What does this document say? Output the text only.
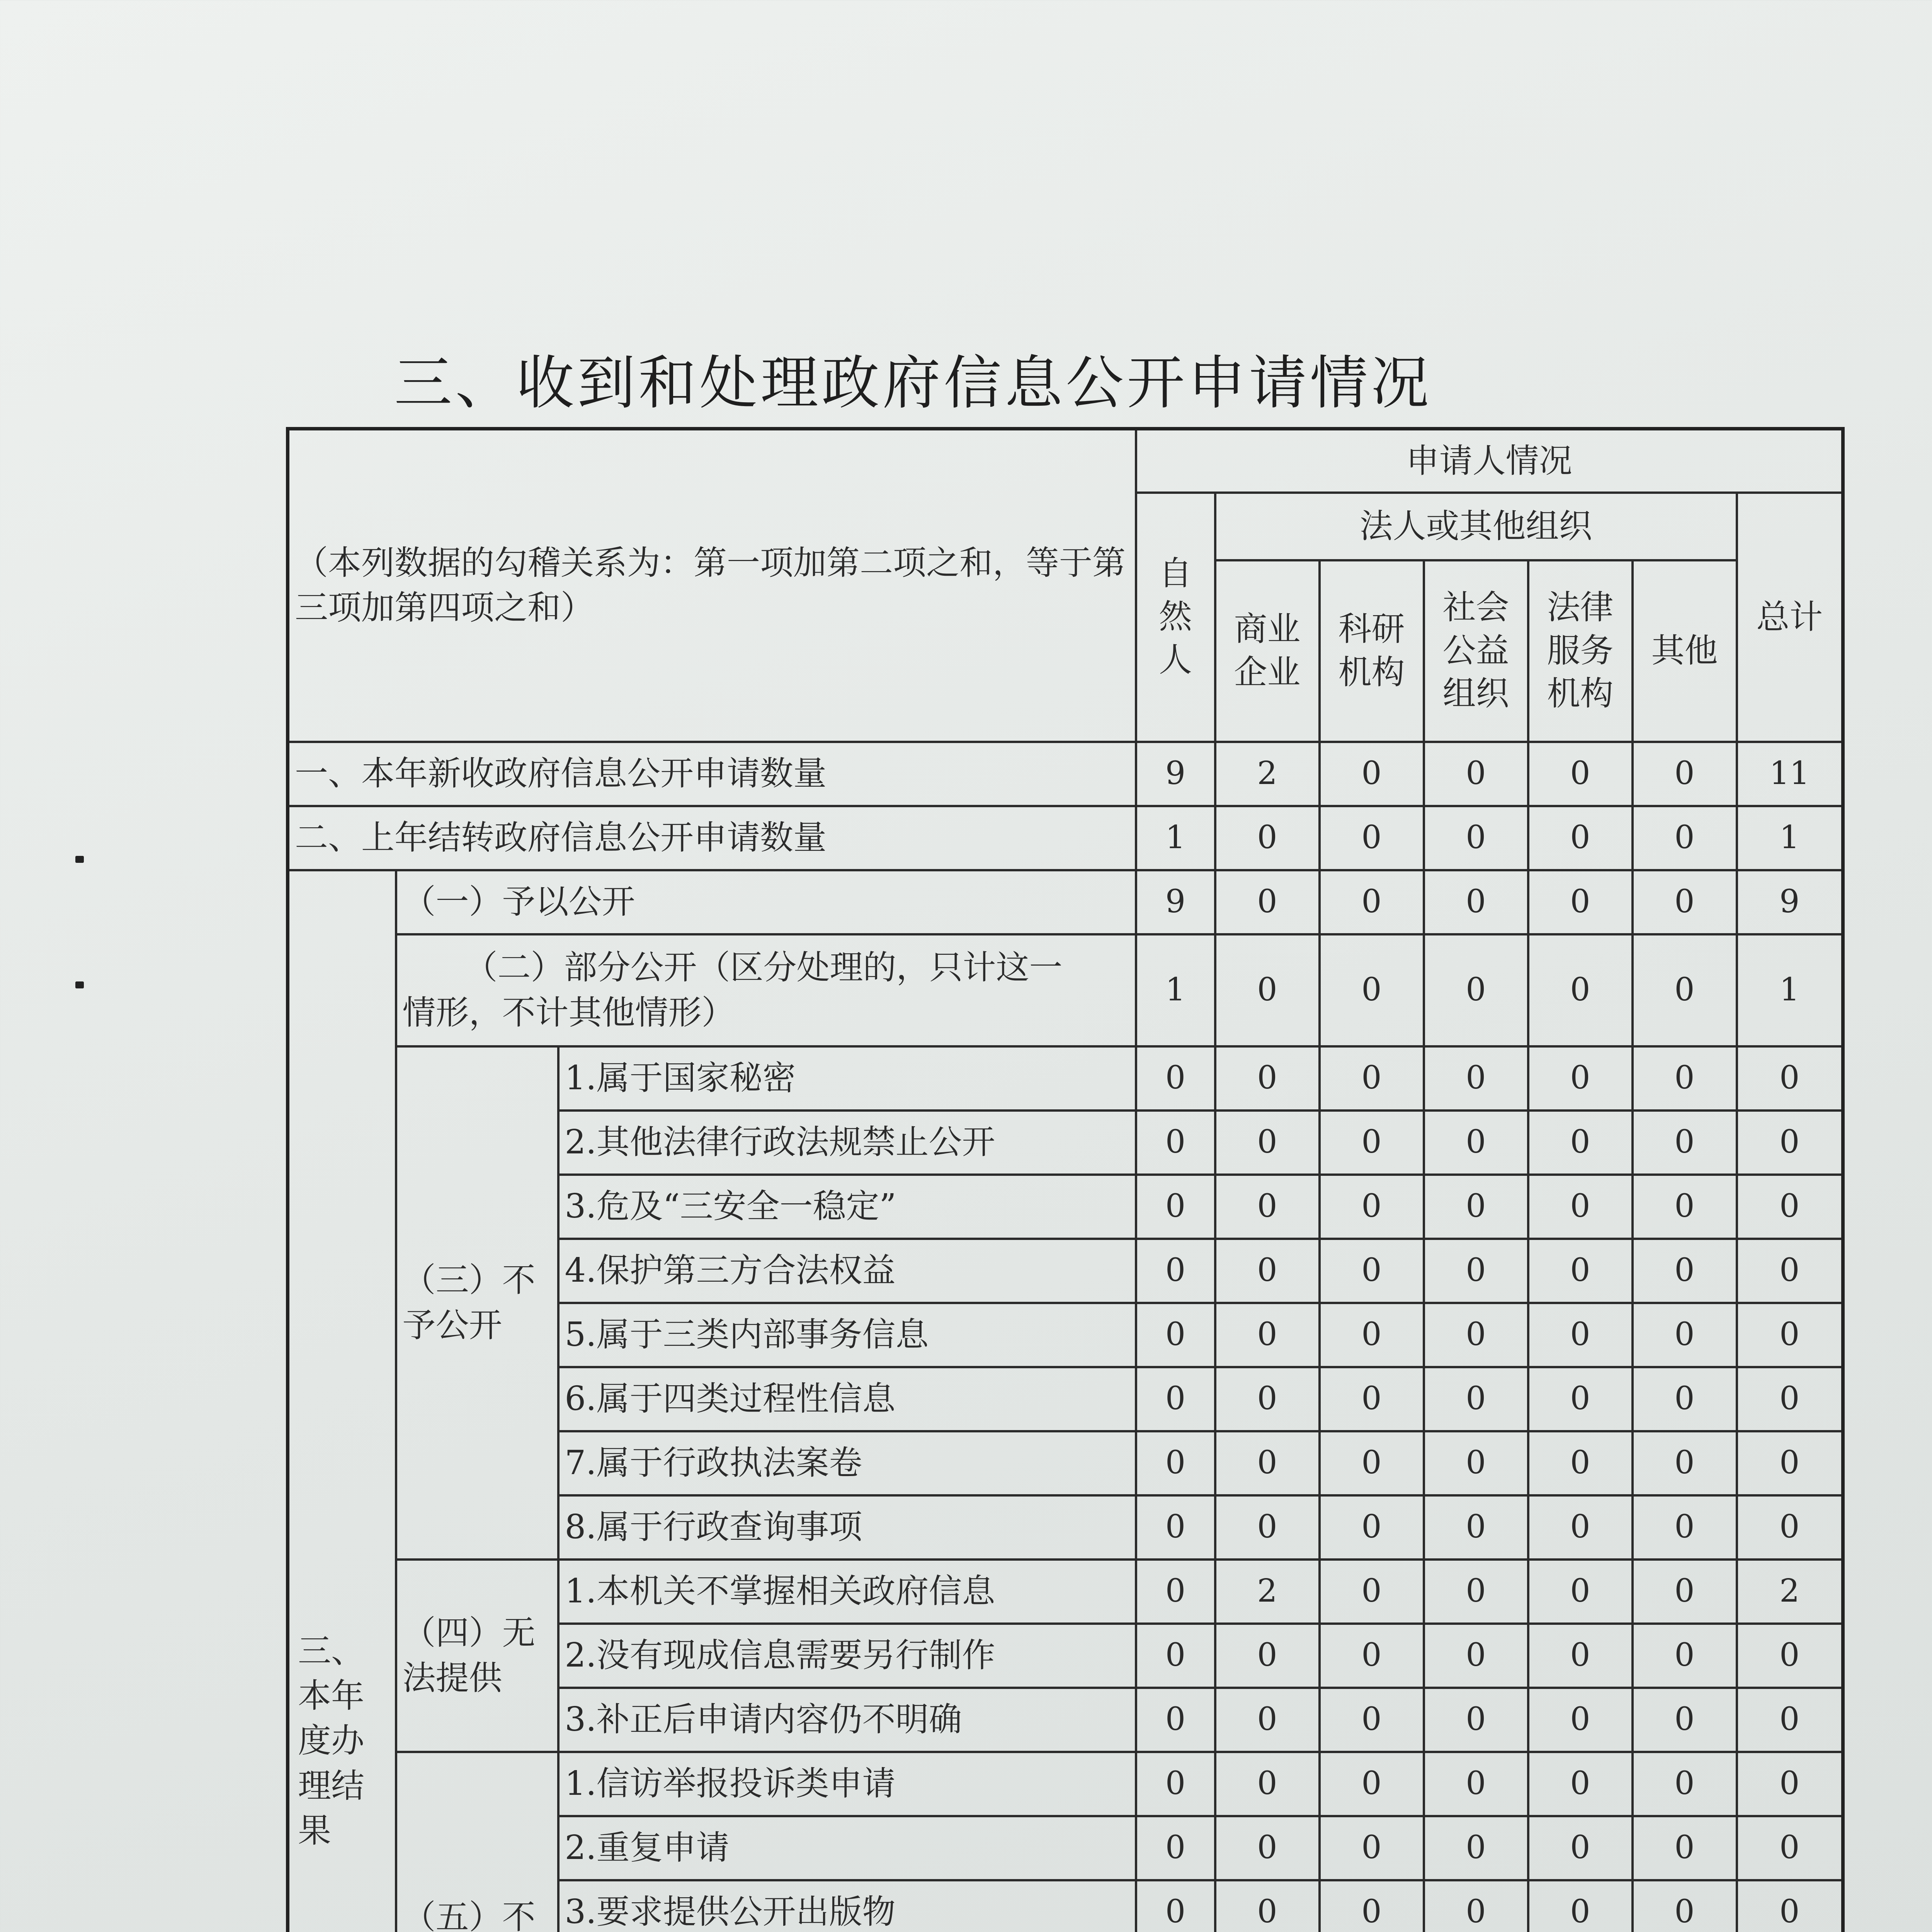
三、收到和处理政府信息公开申请情况
（本列数据的勾稽关系为：第一项加第二项之和，等于第三项加第四项之和）			申请人情况						

			自然人	法人或其他组织					总计

				商业企业	科研机构	社会公益组织	法律服务机构	其他	

一、本年新收政府信息公开申请数量			9	2	0	0	0	0	11
二、上年结转政府信息公开申请数量			1	0	0	0	0	0	1

三、本年度办理结果	（一）予以公开		9	0	0	0	0	0	9

	（二）部分公开（区分处理的，只计这一
情形，不计其他情形）		1	0	0	0	0	0	1

	（三）不予公开	1.属于国家秘密	0	0	0	0	0	0	0
		2.其他法律行政法规禁止公开	0	0	0	0	0	0	0
		3.危及“三安全一稳定”	0	0	0	0	0	0	0
		4.保护第三方合法权益	0	0	0	0	0	0	0
		5.属于三类内部事务信息	0	0	0	0	0	0	0
		6.属于四类过程性信息	0	0	0	0	0	0	0
		7.属于行政执法案卷	0	0	0	0	0	0	0
		8.属于行政查询事项	0	0	0	0	0	0	0

	（四）无法提供	1.本机关不掌握相关政府信息	0	2	0	0	0	0	2
		2.没有现成信息需要另行制作	0	0	0	0	0	0	0
		3.补正后申请内容仍不明确	0	0	0	0	0	0	0

	（五）不	1.信访举报投诉类申请	0	0	0	0	0	0	0
		2.重复申请	0	0	0	0	0	0	0
		3.要求提供公开出版物	0	0	0	0	0	0	0
